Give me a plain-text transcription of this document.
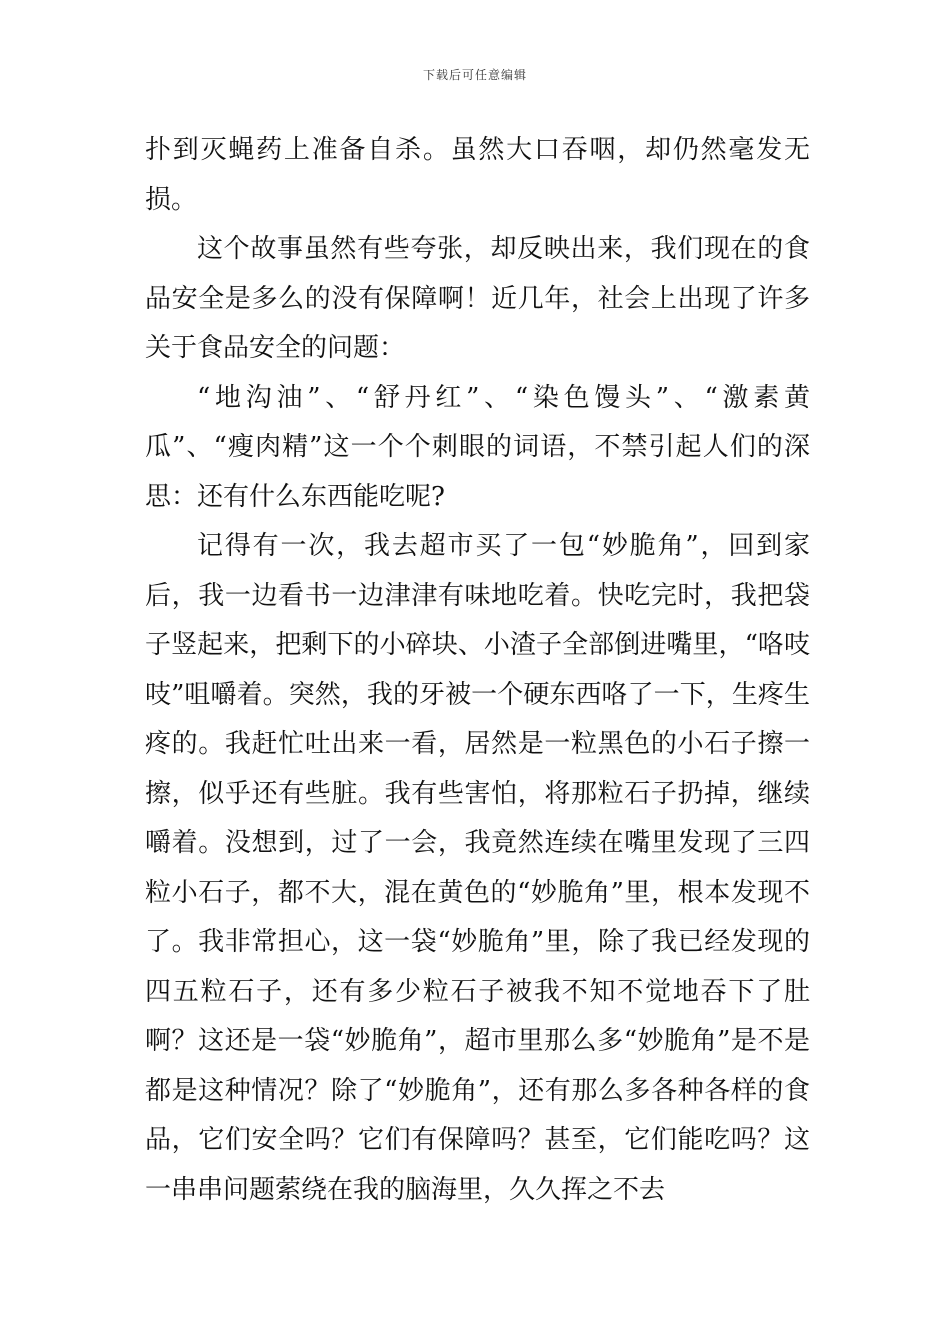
下载后可任意编辑

扑到灭蝇药上准备自杀。虽然大口吞咽，却仍然毫发无损。

这个故事虽然有些夸张，却反映出来，我们现在的食品安全是多么的没有保障啊！近几年，社会上出现了许多关于食品安全的问题：

“地沟油”、“舒丹红”、“染色馒头”、“激素黄瓜”、“瘦肉精”这一个个刺眼的词语，不禁引起人们的深思：还有什么东西能吃呢?

记得有一次，我去超市买了一包“妙脆角”，回到家后，我一边看书一边津津有味地吃着。快吃完时，我把袋子竖起来，把剩下的小碎块、小渣子全部倒进嘴里，“咯吱吱”咀嚼着。突然，我的牙被一个硬东西咯了一下，生疼生疼的。我赶忙吐出来一看，居然是一粒黑色的小石子擦一擦，似乎还有些脏。我有些害怕，将那粒石子扔掉，继续嚼着。没想到，过了一会，我竟然连续在嘴里发现了三四粒小石子，都不大，混在黄色的“妙脆角”里，根本发现不了。我非常担心，这一袋“妙脆角”里，除了我已经发现的四五粒石子，还有多少粒石子被我不知不觉地吞下了肚啊？这还是一袋“妙脆角”，超市里那么多“妙脆角”是不是都是这种情况？除了“妙脆角”，还有那么多各种各样的食品，它们安全吗？它们有保障吗？甚至，它们能吃吗？这一串串问题萦绕在我的脑海里，久久挥之不去
